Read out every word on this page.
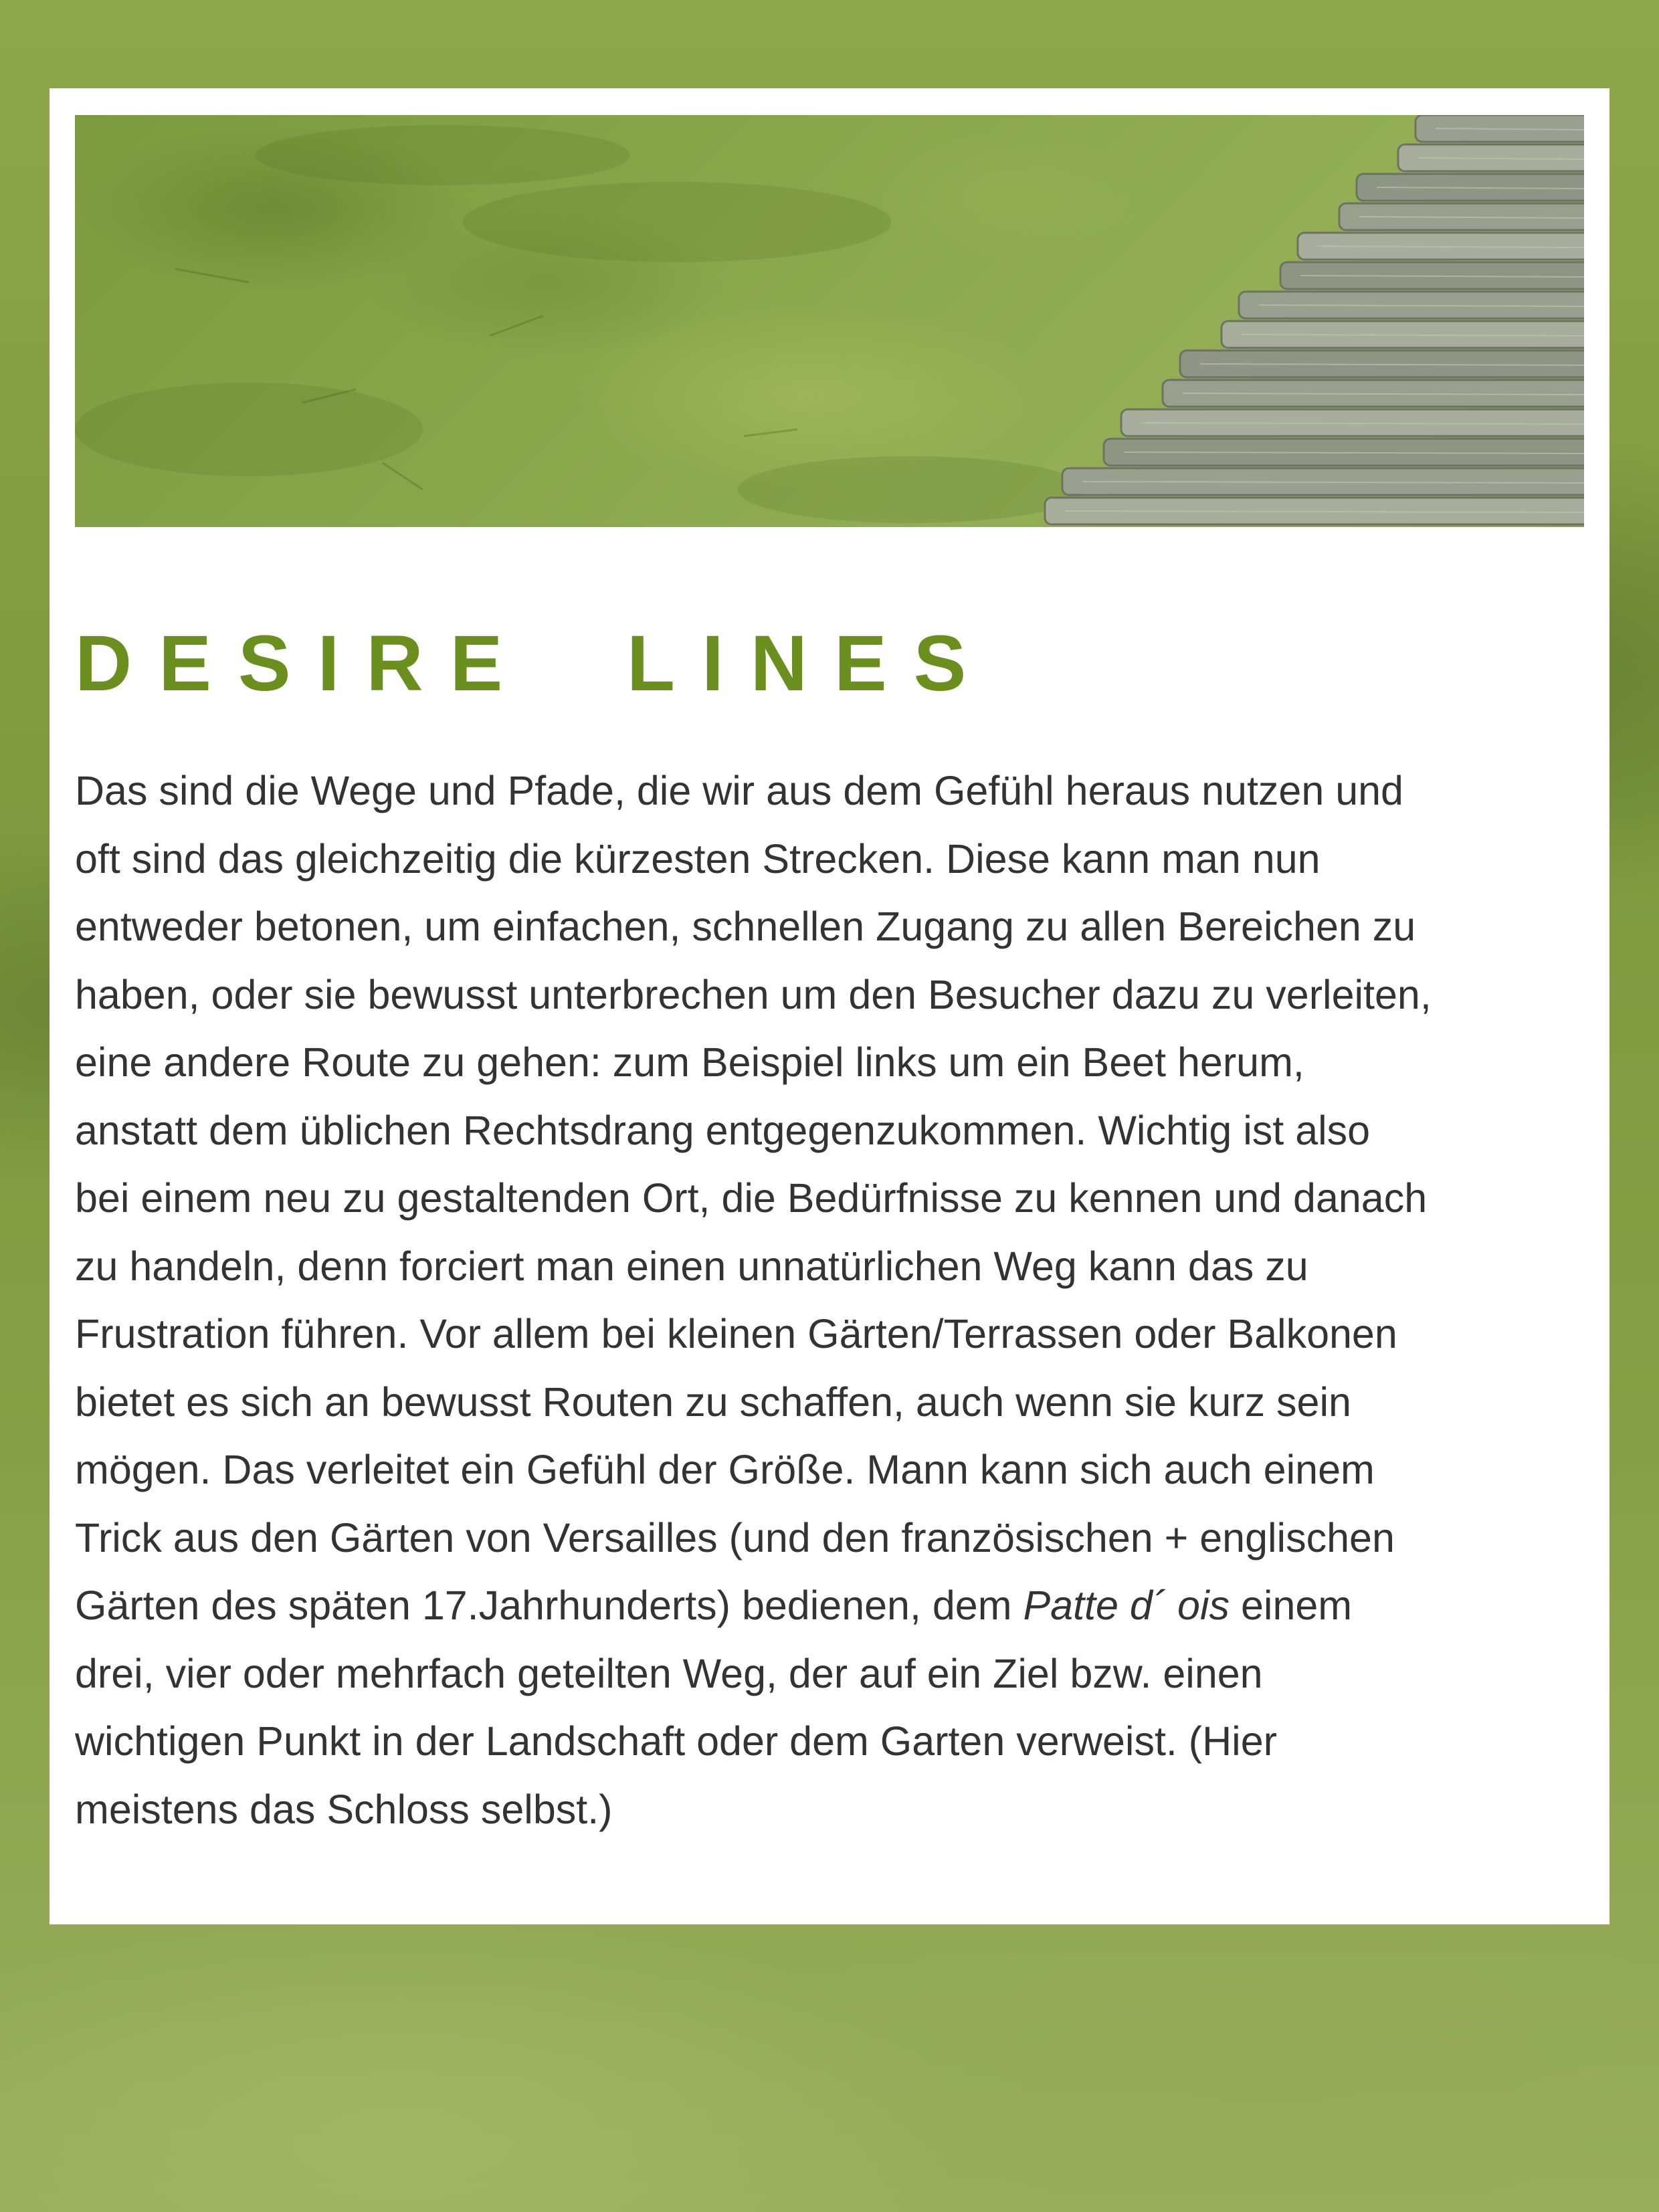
DESIRE  LINES
Das sind die Wege und Pfade, die wir aus dem Gefühl heraus nutzen und
oft sind das gleichzeitig die kürzesten Strecken. Diese kann man nun
entweder betonen, um einfachen, schnellen Zugang zu allen Bereichen zu
haben, oder sie bewusst unterbrechen um den Besucher dazu zu verleiten,
eine andere Route zu gehen: zum Beispiel links um ein Beet herum,
anstatt dem üblichen Rechtsdrang entgegenzukommen. Wichtig ist also
bei einem neu zu gestaltenden Ort, die Bedürfnisse zu kennen und danach
zu handeln, denn forciert man einen unnatürlichen Weg kann das zu
Frustration führen. Vor allem bei kleinen Gärten/Terrassen oder Balkonen
bietet es sich an bewusst Routen zu schaffen, auch wenn sie kurz sein
mögen. Das verleitet ein Gefühl der Größe. Mann kann sich auch einem
Trick aus den Gärten von Versailles (und den französischen + englischen
Gärten des späten 17.Jahrhunderts) bedienen, dem Patte d´ ois einem
drei, vier oder mehrfach geteilten Weg, der auf ein Ziel bzw. einen
wichtigen Punkt in der Landschaft oder dem Garten verweist. (Hier
meistens das Schloss selbst.)
